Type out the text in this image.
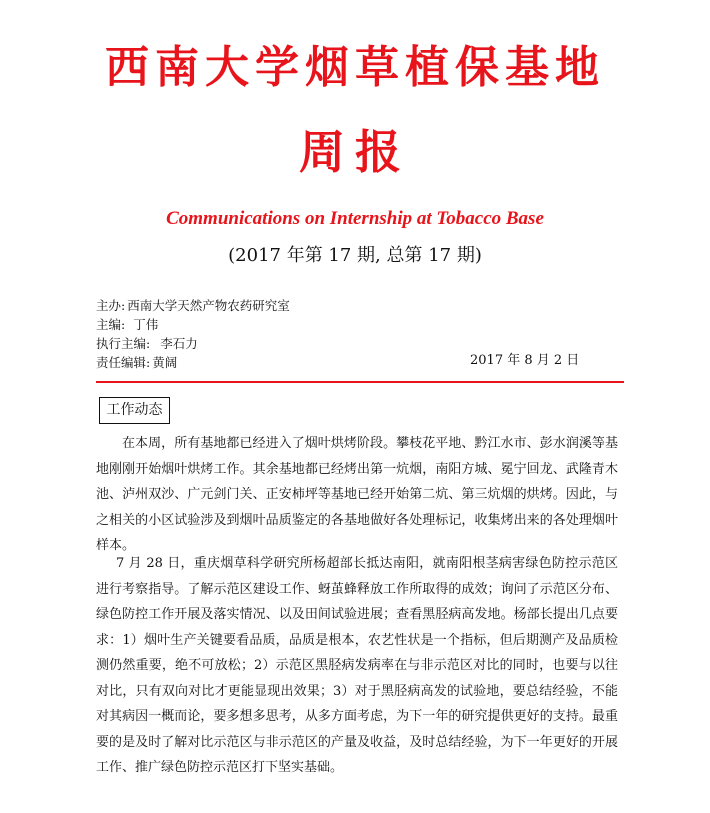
西南大学烟草植保基地
周报
Communications on Internship at Tobacco Base
(2017 年第 17 期, 总第 17 期)
主办: 西南大学天然产物农药研究室
主编: 丁伟
执行主编: 李石力
责任编辑: 黄阔	2017 年 8 月 2 日
工作动态
在本周，所有基地都已经进入了烟叶烘烤阶段。攀枝花平地、黔江水市、彭水润溪等基地刚刚开始烟叶烘烤工作。其余基地都已经烤出第一炕烟，南阳方城、冕宁回龙、武隆青木池、泸州双沙、广元剑门关、正安柿坪等基地已经开始第二炕、第三炕烟的烘烤。因此，与之相关的小区试验涉及到烟叶品质鉴定的各基地做好各处理标记，收集烤出来的各处理烟叶样本。
7 月 28 日，重庆烟草科学研究所杨超部长抵达南阳，就南阳根茎病害绿色防控示范区进行考察指导。了解示范区建设工作、蚜茧蜂释放工作所取得的成效；询问了示范区分布、绿色防控工作开展及落实情况、以及田间试验进展；查看黑胫病高发地。杨部长提出几点要求：1）烟叶生产关键要看品质，品质是根本，农艺性状是一个指标，但后期测产及品质检测仍然重要，绝不可放松；2）示范区黑胫病发病率在与非示范区对比的同时，也要与以往对比，只有双向对比才更能显现出效果；3）对于黑胫病高发的试验地，要总结经验，不能对其病因一概而论，要多想多思考，从多方面考虑，为下一年的研究提供更好的支持。最重要的是及时了解对比示范区与非示范区的产量及收益，及时总结经验，为下一年更好的开展工作、推广绿色防控示范区打下坚实基础。
